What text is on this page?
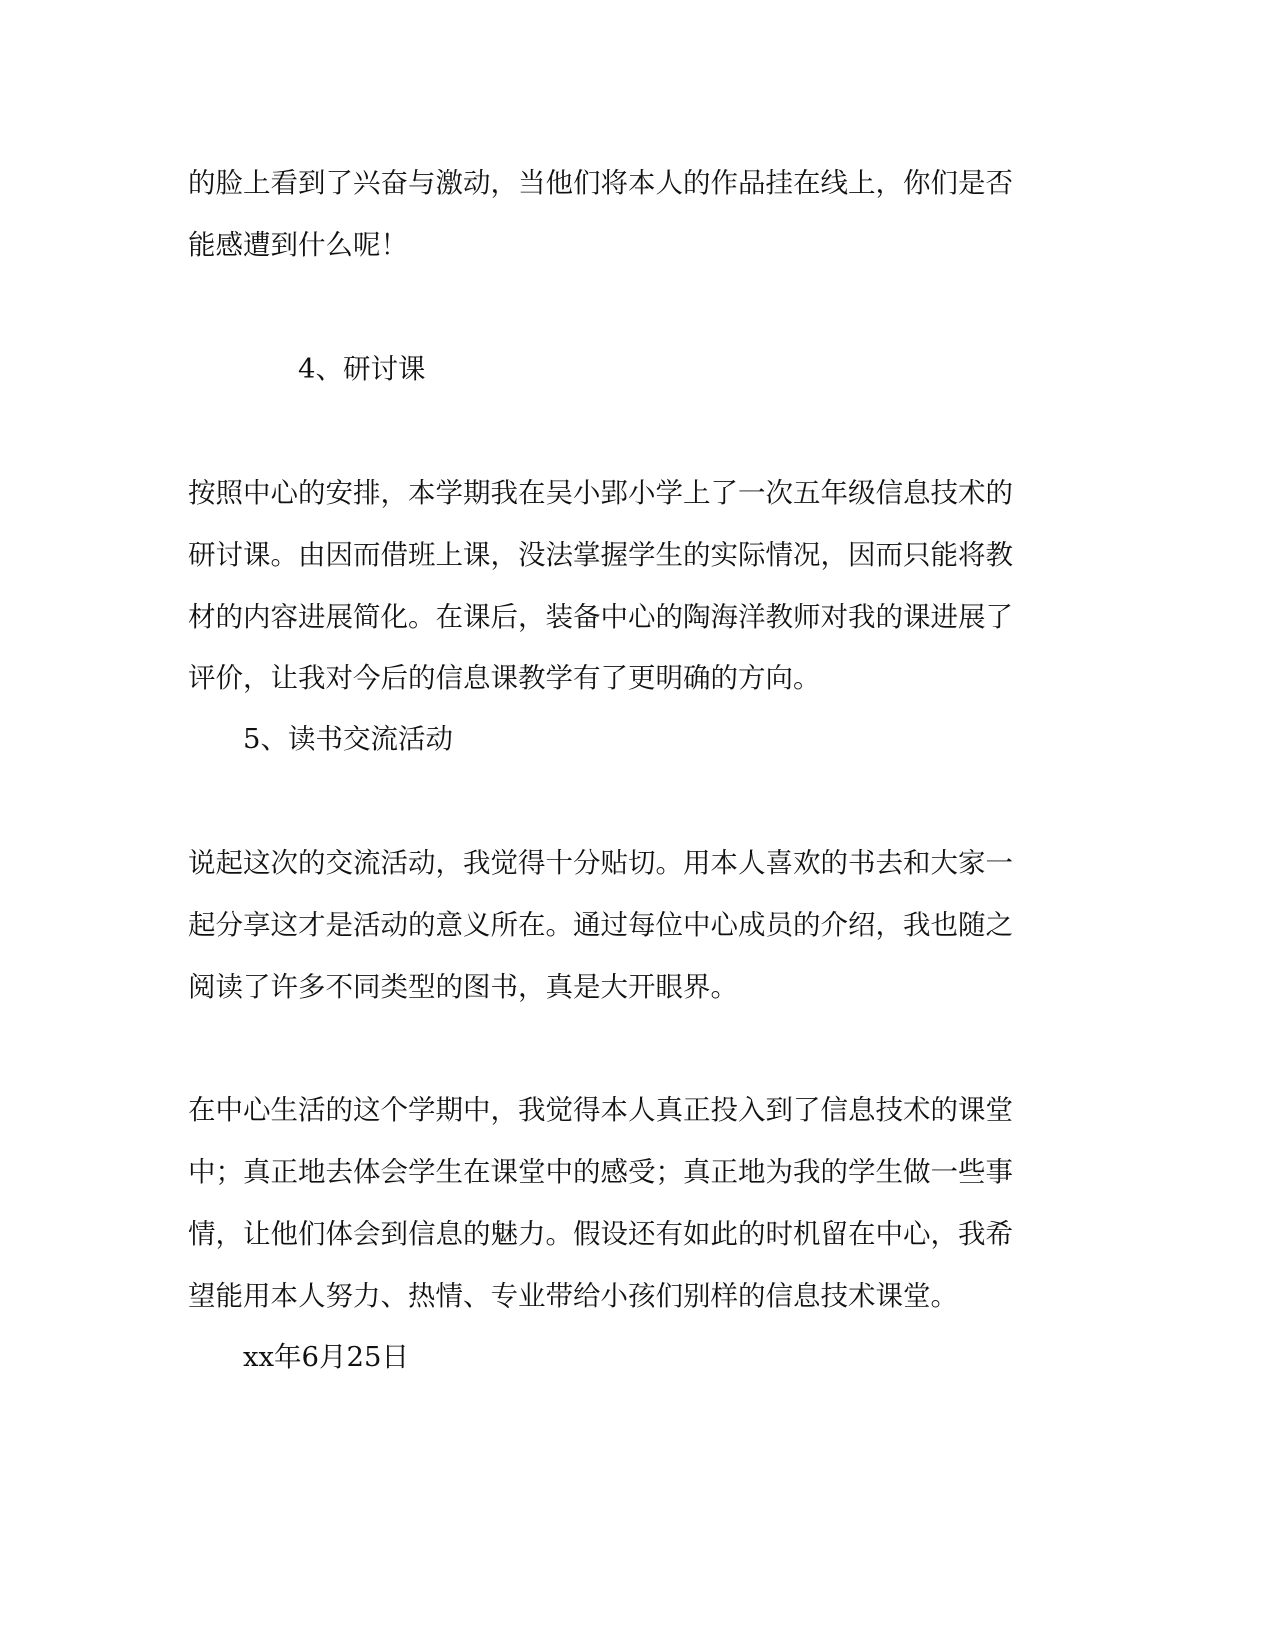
的脸上看到了兴奋与激动，当他们将本人的作品挂在线上，你们是否

能感遭到什么呢！

4、研讨课

按照中心的安排，本学期我在吴小郢小学上了一次五年级信息技术的

研讨课。由因而借班上课，没法掌握学生的实际情况，因而只能将教

材的内容进展简化。在课后，装备中心的陶海洋教师对我的课进展了

评价，让我对今后的信息课教学有了更明确的方向。

5、读书交流活动

说起这次的交流活动，我觉得十分贴切。用本人喜欢的书去和大家一

起分享这才是活动的意义所在。通过每位中心成员的介绍，我也随之

阅读了许多不同类型的图书，真是大开眼界。

在中心生活的这个学期中，我觉得本人真正投入到了信息技术的课堂

中；真正地去体会学生在课堂中的感受；真正地为我的学生做一些事

情，让他们体会到信息的魅力。假设还有如此的时机留在中心，我希

望能用本人努力、热情、专业带给小孩们别样的信息技术课堂。

xx年6月25日
